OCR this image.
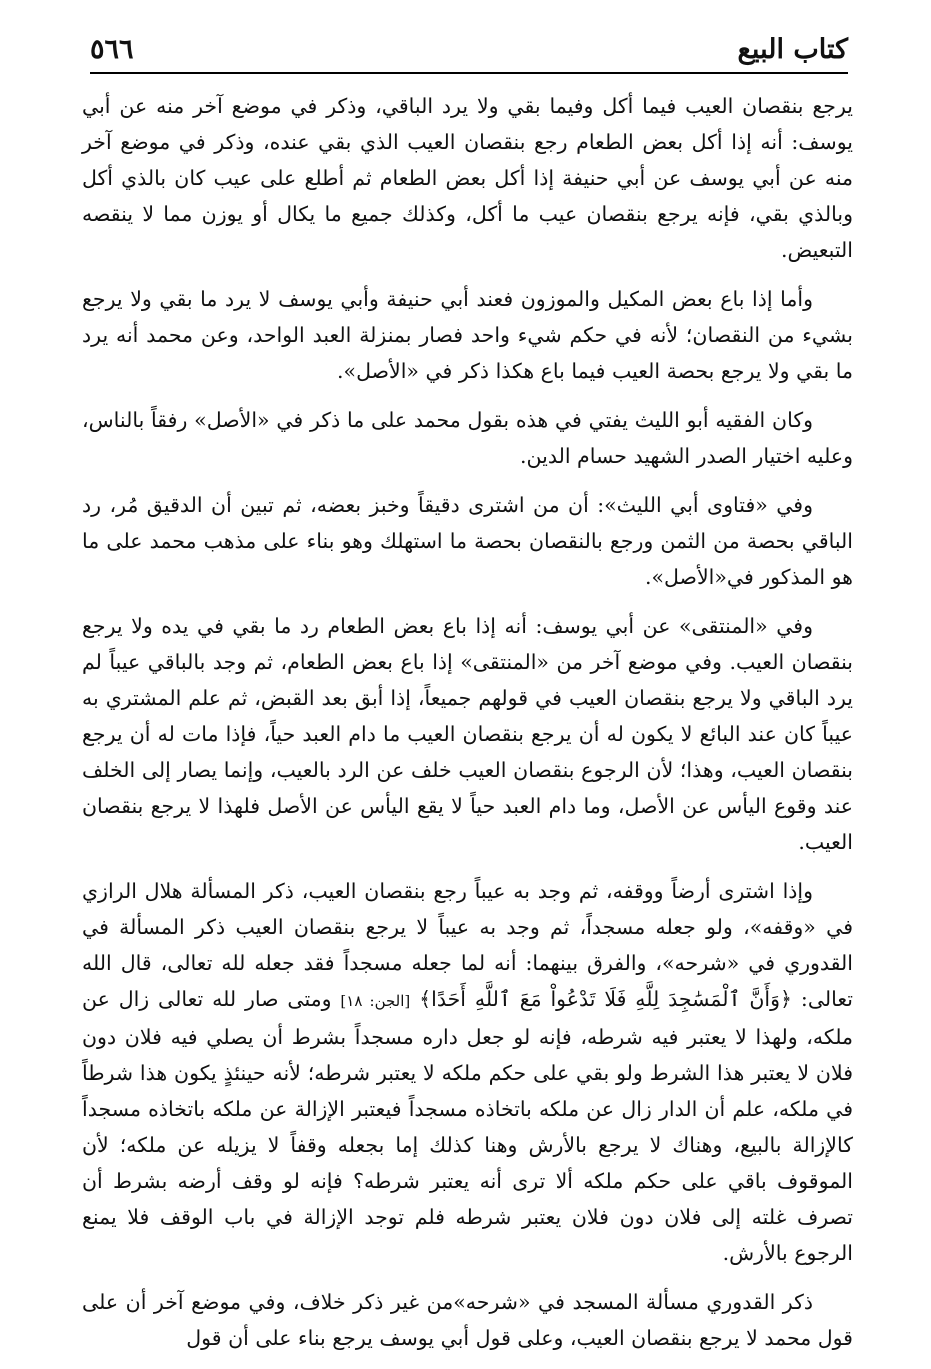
كتاب البيع
٥٦٦

يرجع بنقصان العيب فيما أكل وفيما بقي ولا يرد الباقي، وذكر في موضع آخر منه عن أبي يوسف: أنه إذا أكل بعض الطعام رجع بنقصان العيب الذي بقي عنده، وذكر في موضع آخر منه عن أبي يوسف عن أبي حنيفة إذا أكل بعض الطعام ثم أطلع على عيب كان بالذي أكل وبالذي بقي، فإنه يرجع بنقصان عيب ما أكل، وكذلك جميع ما يكال أو يوزن مما لا ينقصه التبعيض.

وأما إذا باع بعض المكيل والموزون فعند أبي حنيفة وأبي يوسف لا يرد ما بقي ولا يرجع بشيء من النقصان؛ لأنه في حكم شيء واحد فصار بمنزلة العبد الواحد، وعن محمد أنه يرد ما بقي ولا يرجع بحصة العيب فيما باع هكذا ذكر في «الأصل».

وكان الفقيه أبو الليث يفتي في هذه بقول محمد على ما ذكر في «الأصل» رفقاً بالناس، وعليه اختيار الصدر الشهيد حسام الدين.

وفي «فتاوى أبي الليث»: أن من اشترى دقيقاً وخبز بعضه، ثم تبين أن الدقيق مُر، رد الباقي بحصة من الثمن ورجع بالنقصان بحصة ما استهلك وهو بناء على مذهب محمد على ما هو المذكور في«الأصل».

وفي «المنتقى» عن أبي يوسف: أنه إذا باع بعض الطعام رد ما بقي في يده ولا يرجع بنقصان العيب. وفي موضع آخر من «المنتقى» إذا باع بعض الطعام، ثم وجد بالباقي عيباً لم يرد الباقي ولا يرجع بنقصان العيب في قولهم جميعاً، إذا أبق بعد القبض، ثم علم المشتري به عيباً كان عند البائع لا يكون له أن يرجع بنقصان العيب ما دام العبد حياً، فإذا مات له أن يرجع بنقصان العيب، وهذا؛ لأن الرجوع بنقصان العيب خلف عن الرد بالعيب، وإنما يصار إلى الخلف عند وقوع اليأس عن الأصل، وما دام العبد حياً لا يقع اليأس عن الأصل فلهذا لا يرجع بنقصان العيب.

وإذا اشترى أرضاً ووقفه، ثم وجد به عيباً رجع بنقصان العيب، ذكر المسألة هلال الرازي في «وقفه»، ولو جعله مسجداً، ثم وجد به عيباً لا يرجع بنقصان العيب ذكر المسألة في القدوري في «شرحه»، والفرق بينهما: أنه لما جعله مسجداً فقد جعله لله تعالى، قال الله تعالى: ﴿وَأَنَّ ٱلْمَسَٰجِدَ لِلَّهِ فَلَا تَدْعُواْ مَعَ ٱللَّهِ أَحَدًا﴾ [الجن: ١٨] ومتى صار لله تعالى زال عن ملكه، ولهذا لا يعتبر فيه شرطه، فإنه لو جعل داره مسجداً بشرط أن يصلي فيه فلان دون فلان لا يعتبر هذا الشرط ولو بقي على حكم ملكه لا يعتبر شرطه؛ لأنه حينئذٍ يكون هذا شرطاً في ملكه، علم أن الدار زال عن ملكه باتخاذه مسجداً فيعتبر الإزالة عن ملكه باتخاذه مسجداً كالإزالة بالبيع، وهناك لا يرجع بالأرش وهنا كذلك إما بجعله وقفاً لا يزيله عن ملكه؛ لأن الموقوف باقي على حكم ملكه ألا ترى أنه يعتبر شرطه؟ فإنه لو وقف أرضه بشرط أن تصرف غلته إلى فلان دون فلان يعتبر شرطه فلم توجد الإزالة في باب الوقف فلا يمنع الرجوع بالأرش.

ذكر القدوري مسألة المسجد في «شرحه»من غير ذكر خلاف، وفي موضع آخر أن على قول محمد لا يرجع بنقصان العيب، وعلى قول أبي يوسف يرجع بناء على أن قول
